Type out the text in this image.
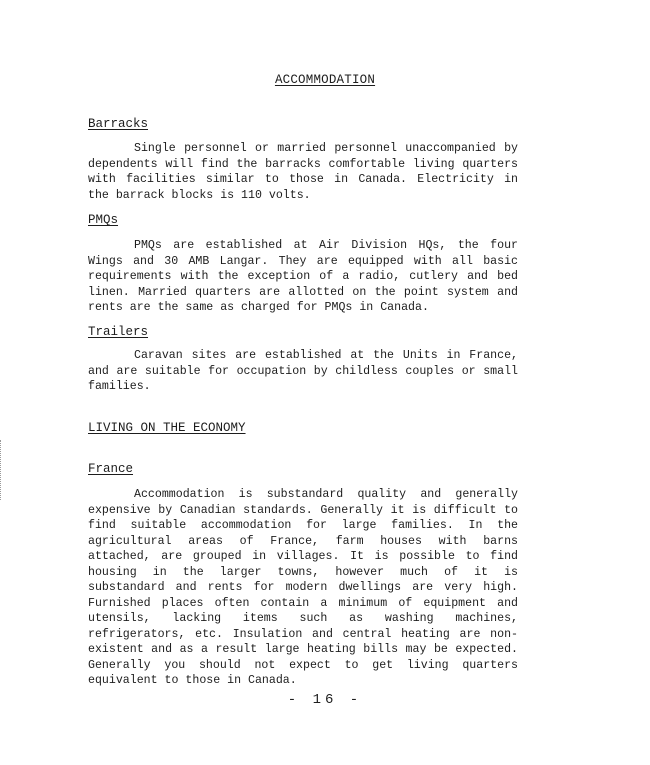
ACCOMMODATION
Barracks

Single personnel or married personnel unaccompanied by dependents will find the barracks comfortable living quarters with facilities similar to those in Canada. Electricity in the barrack blocks is 110 volts.

PMQs

PMQs are established at Air Division HQs, the four Wings and 30 AMB Langar. They are equipped with all basic requirements with the exception of a radio, cutlery and bed linen. Married quarters are allotted on the point system and rents are the same as charged for PMQs in Canada.

Trailers

Caravan sites are established at the Units in France, and are suitable for occupation by childless couples or small families.

LIVING ON THE ECONOMY
France

Accommodation is substandard quality and generally expensive by Canadian standards. Generally it is difficult to find suitable accommodation for large families. In the agricultural areas of France, farm houses with barns attached, are grouped in villages. It is possible to find housing in the larger towns, however much of it is substandard and rents for modern dwellings are very high. Furnished places often contain a minimum of equipment and utensils, lacking items such as washing machines, refrigerators, etc. Insulation and central heating are non-existent and as a result large heating bills may be expected. Generally you should not expect to get living quarters equivalent to those in Canada.

- 16 -
